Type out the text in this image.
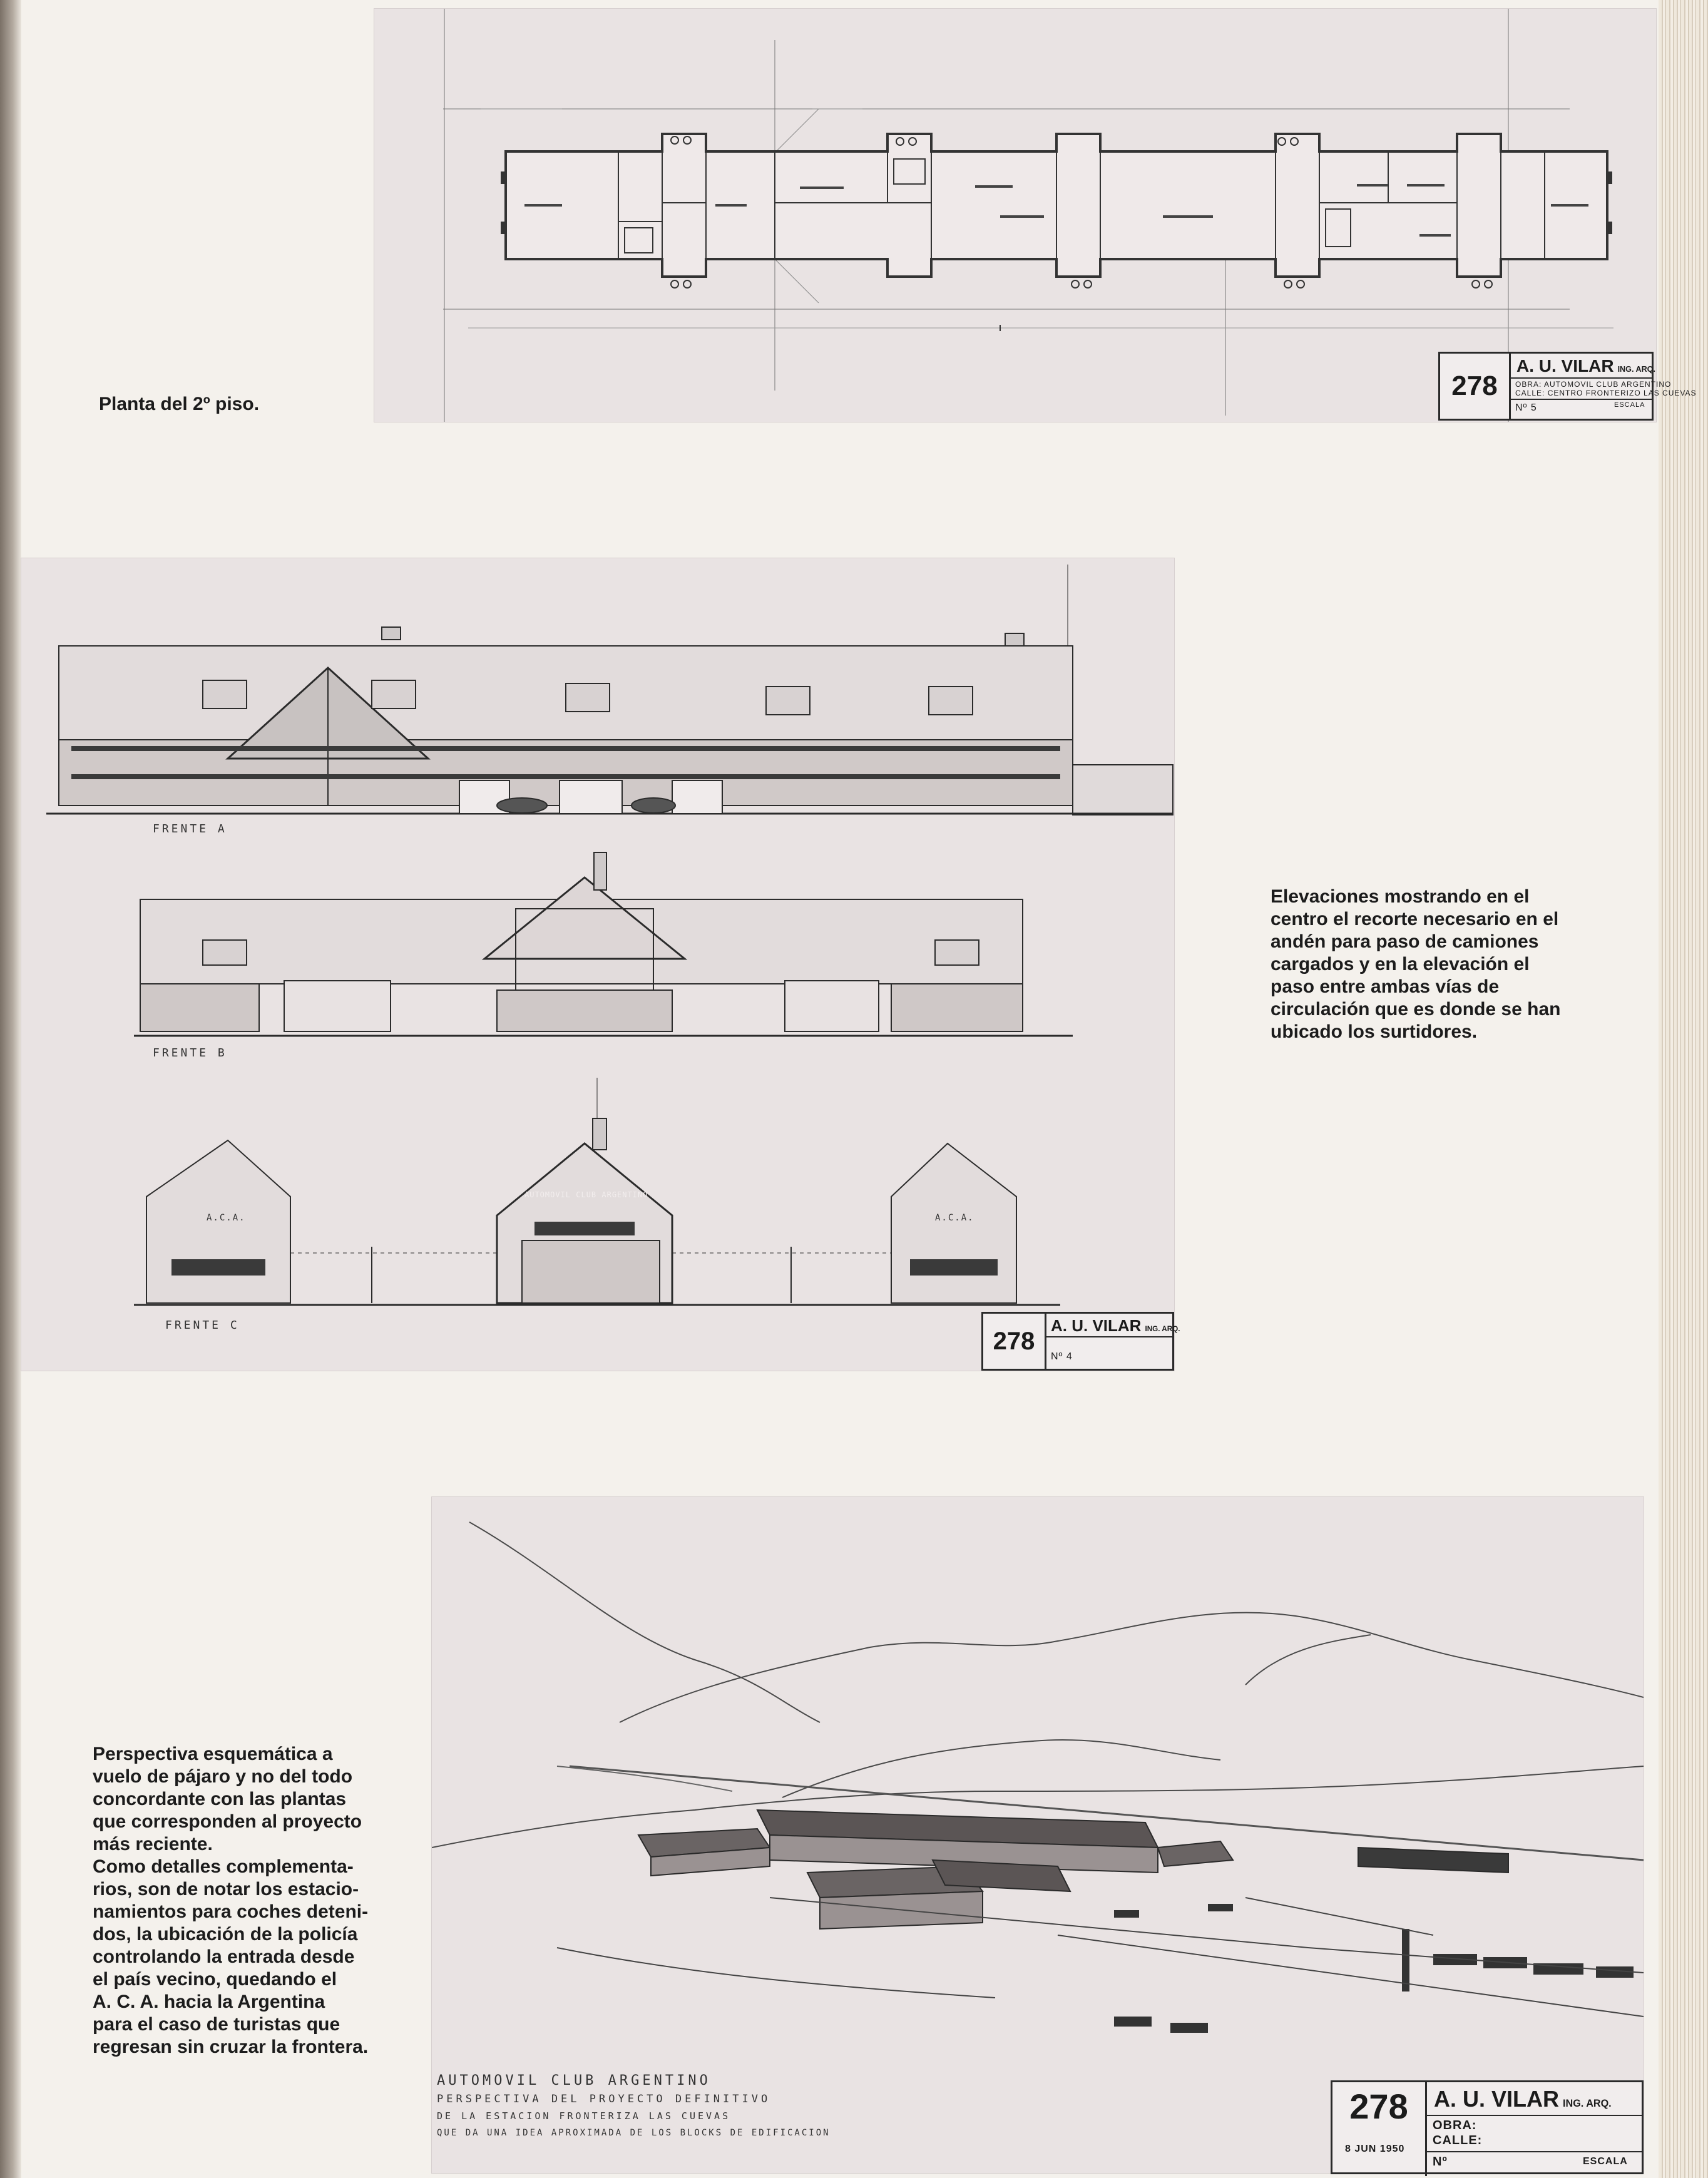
278
A. U. VILAR ING. ARQ.
OBRA: AUTOMOVIL CLUB ARGENTINO
CALLE: CENTRO FRONTERIZO LAS CUEVAS
Nº 5	ESCALA

Planta del 2º piso.

FRENTE A
FRENTE B
FRENTE C
AUTOMOVIL CLUB ARGENTINO
A.C.A.	A.C.A.
278
A. U. VILAR ING. ARQ.
Nº 4

Elevaciones mostrando en el centro el recorte necesario en el andén para paso de camiones cargados y en la elevación el paso entre ambas vías de circulación que es donde se han ubicado los surtidores.

AUTOMOVIL CLUB ARGENTINO
PERSPECTIVA DEL PROYECTO DEFINITIVO
DE LA ESTACION FRONTERIZA LAS CUEVAS
QUE DA UNA IDEA APROXIMADA DE LOS BLOCKS DE EDIFICACION
278
8 JUN 1950
A. U. VILAR ING. ARQ.
OBRA:
CALLE:
Nº	ESCALA

Perspectiva esquemática a
vuelo de pájaro y no del todo
concordante con las plantas
que corresponden al proyecto
más reciente.
Como detalles complementa-
rios, son de notar los estacio-
namientos para coches deteni-
dos, la ubicación de la policía
controlando la entrada desde
el país vecino, quedando el
A. C. A. hacia la Argentina
para el caso de turistas que
regresan sin cruzar la frontera.
